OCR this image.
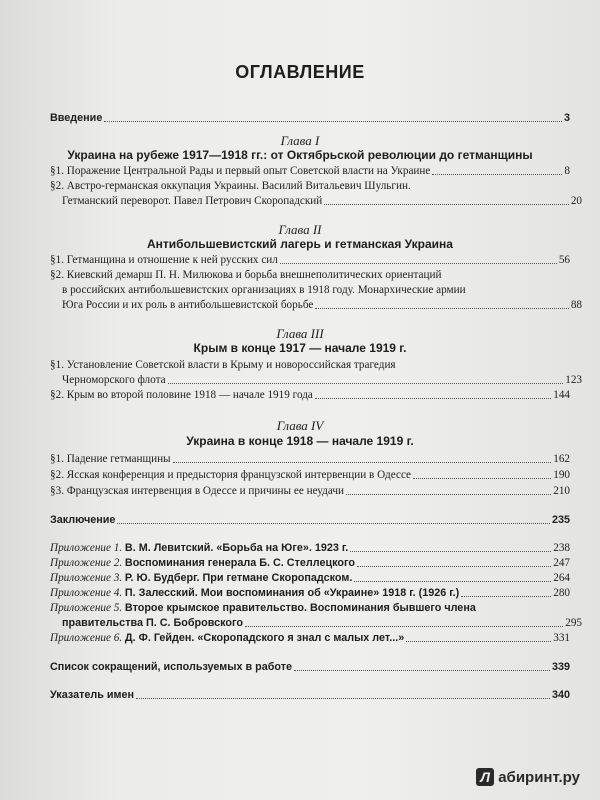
ОГЛАВЛЕНИЕ
Введение	3
Глава I
Украина на рубеже 1917—1918 гг.: от Октябрьской революции до гетманщины
§1. Поражение Центральной Рады и первый опыт Советской власти на Украине	8
§2. Австро-германская оккупация Украины. Василий Витальевич Шульгин.
Гетманский переворот. Павел Петрович Скоропадский	20
Глава II
Антибольшевистский лагерь и гетманская Украина
§1. Гетманщина и отношение к ней русских сил	56
§2. Киевский демарш П. Н. Милюкова и борьба внешнеполитических ориентаций
в российских антибольшевистских организациях в 1918 году. Монархические армии
Юга России и их роль в антибольшевистской борьбе	88
Глава III
Крым в конце 1917 — начале 1919 г.
§1. Установление Советской власти в Крыму и новороссийская трагедия
Черноморского флота	123
§2. Крым во второй половине 1918 — начале 1919 года	144
Глава IV
Украина в конце 1918 — начале 1919 г.
§1. Падение гетманщины	162
§2. Ясская конференция и предыстория французской интервенции в Одессе	190
§3. Французская интервенция в Одессе и причины ее неудачи	210
Заключение	235
Приложение 1. В. М. Левитский. «Борьба на Юге». 1923 г.	238
Приложение 2. Воспоминания генерала Б. С. Стеллецкого	247
Приложение 3. Р. Ю. Будберг. При гетмане Скоропадском.	264
Приложение 4. П. Залесский. Мои воспоминания об «Украине» 1918 г. (1926 г.)	280
Приложение 5. Второе крымское правительство. Воспоминания бывшего члена
правительства П. С. Бобровского	295
Приложение 6. Д. Ф. Гейден. «Скоропадского я знал с малых лет...»	331
Список сокращений, используемых в работе	339
Указатель имен	340
Л абиринт.ру
